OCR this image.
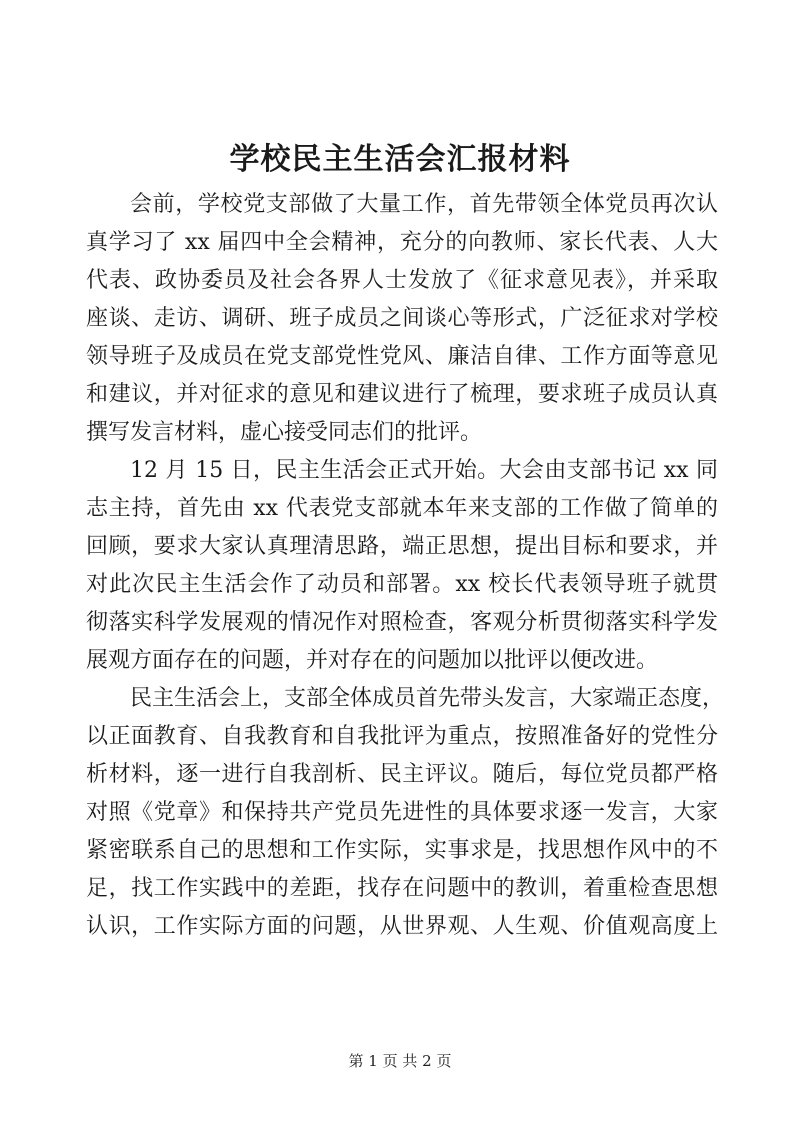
学校民主生活会汇报材料
会前，学校党支部做了大量工作，首先带领全体党员再次认
真学习了 xx 届四中全会精神，充分的向教师、家长代表、人大
代表、政协委员及社会各界人士发放了《征求意见表》，并采取
座谈、走访、调研、班子成员之间谈心等形式，广泛征求对学校
领导班子及成员在党支部党性党风、廉洁自律、工作方面等意见
和建议，并对征求的意见和建议进行了梳理，要求班子成员认真
撰写发言材料，虚心接受同志们的批评。
12 月 15 日，民主生活会正式开始。大会由支部书记 xx 同
志主持，首先由 xx 代表党支部就本年来支部的工作做了简单的
回顾，要求大家认真理清思路，端正思想，提出目标和要求，并
对此次民主生活会作了动员和部署。xx 校长代表领导班子就贯
彻落实科学发展观的情况作对照检查，客观分析贯彻落实科学发
展观方面存在的问题，并对存在的问题加以批评以便改进。
民主生活会上，支部全体成员首先带头发言，大家端正态度，
以正面教育、自我教育和自我批评为重点，按照准备好的党性分
析材料，逐一进行自我剖析、民主评议。随后，每位党员都严格
对照《党章》和保持共产党员先进性的具体要求逐一发言，大家
紧密联系自己的思想和工作实际，实事求是，找思想作风中的不
足，找工作实践中的差距，找存在问题中的教训，着重检查思想
认识，工作实际方面的问题，从世界观、人生观、价值观高度上
第 1 页 共 2 页
